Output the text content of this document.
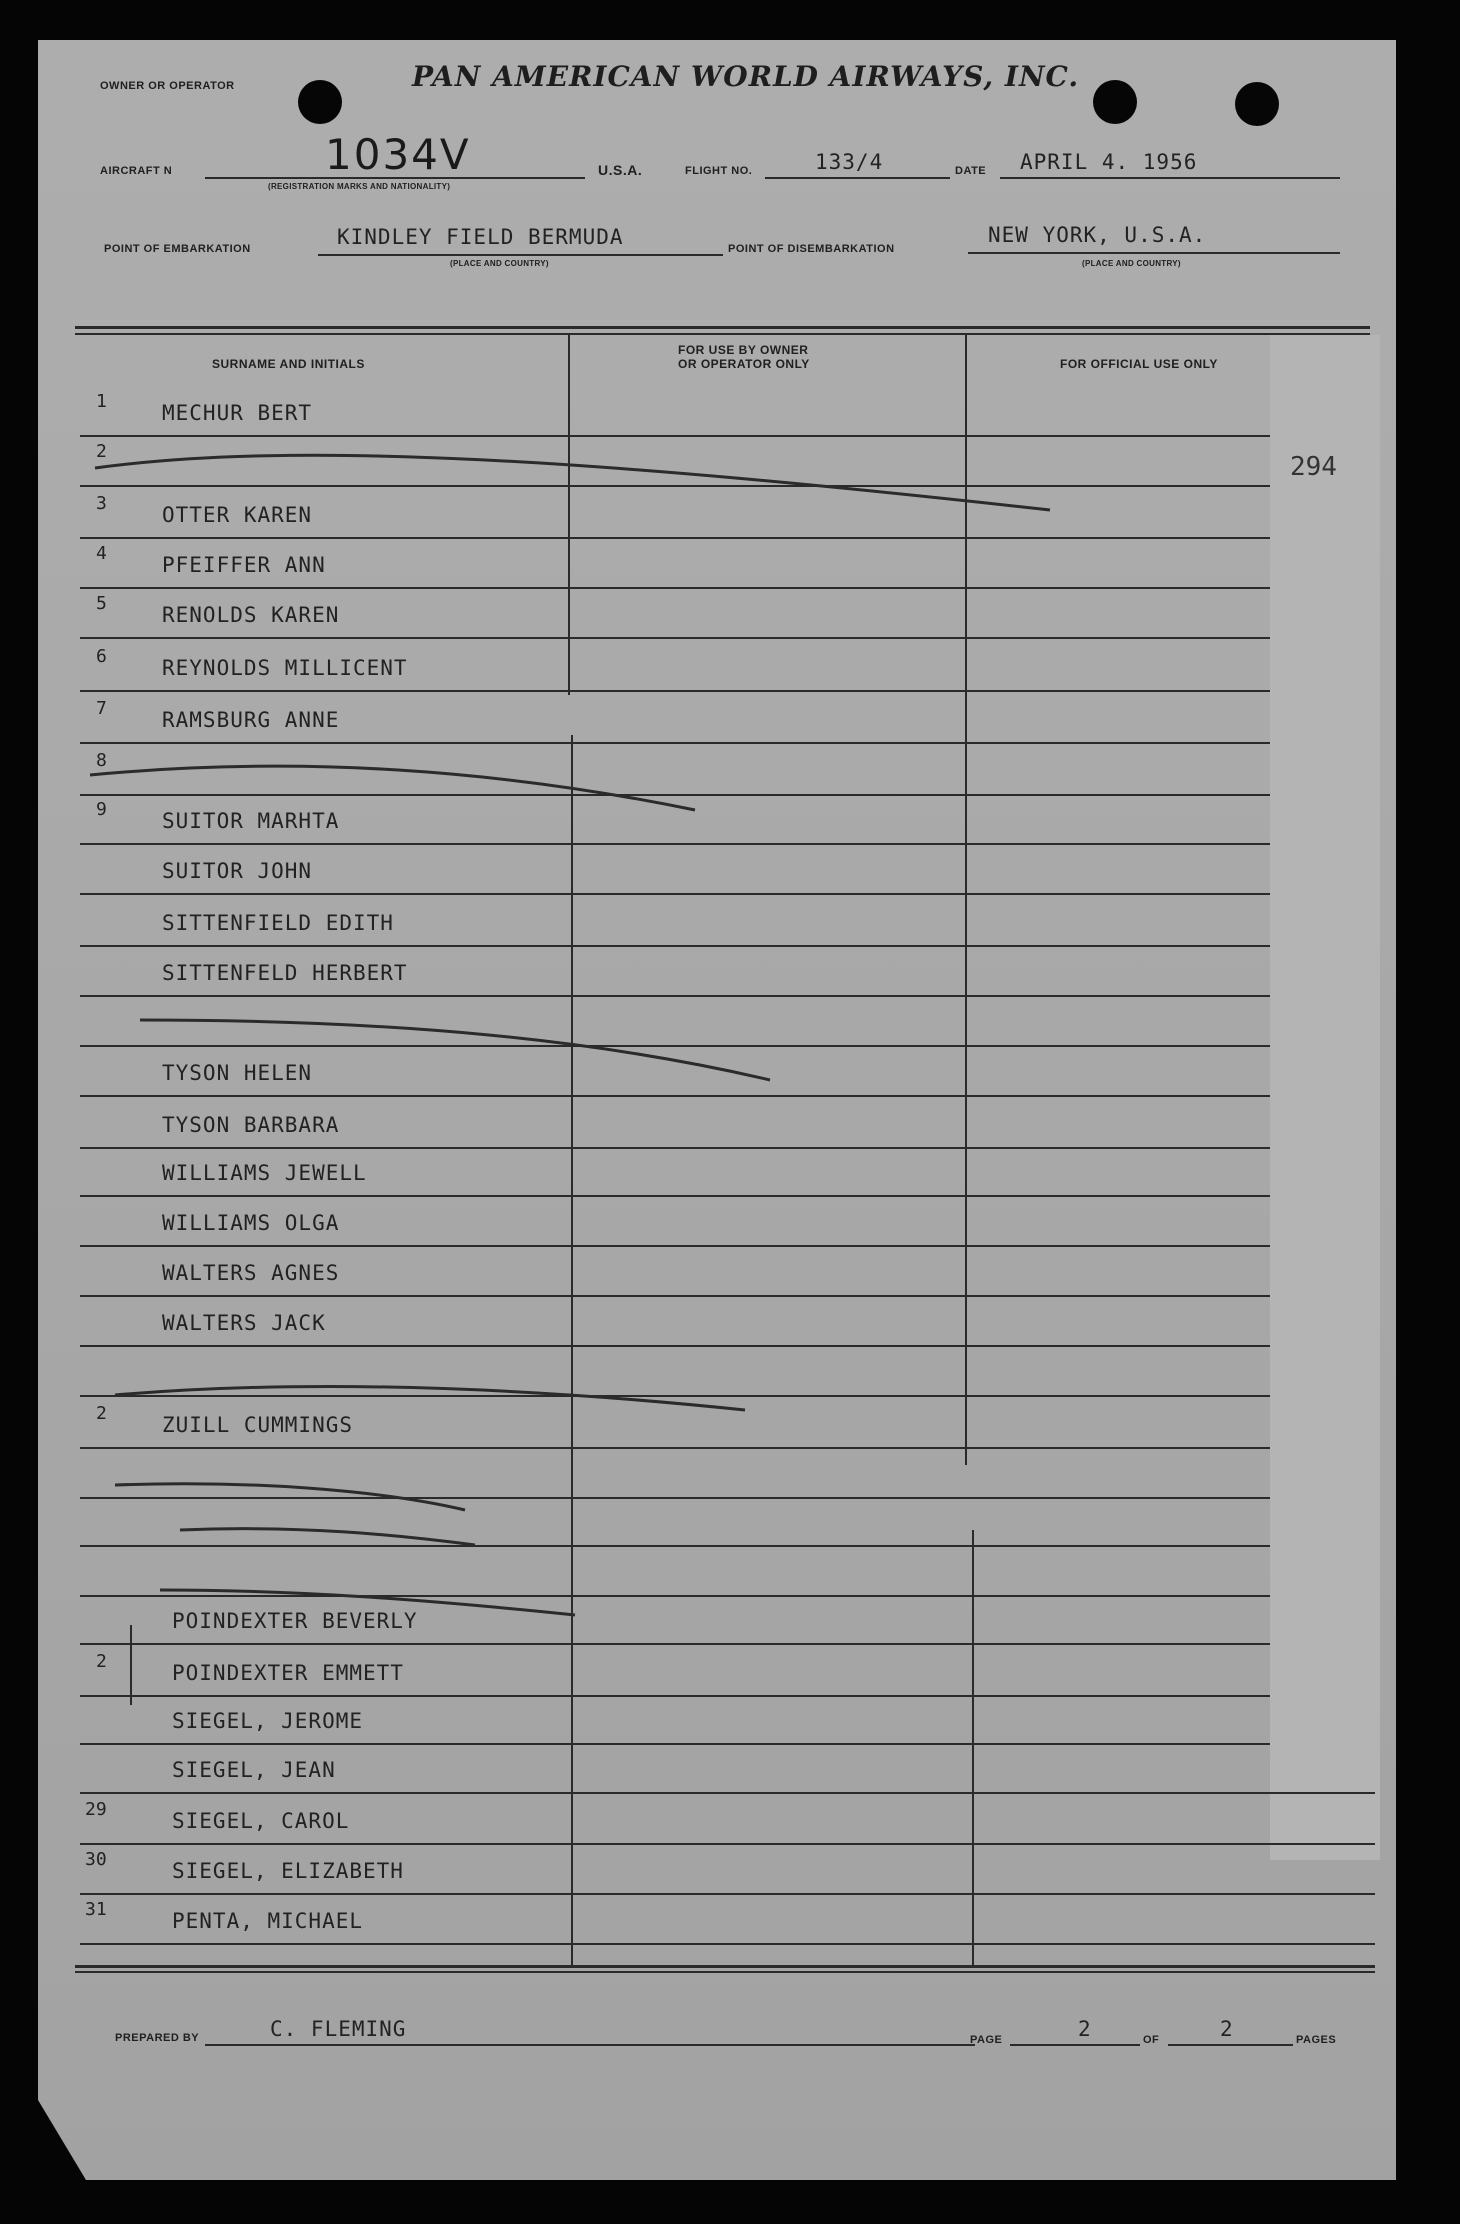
OWNER OR OPERATOR	PAN AMERICAN WORLD AIRWAYS, INC.
AIRCRAFT N	1034V
(REGISTRATION MARKS AND NATIONALITY)
U.S.A.	FLIGHT NO.	133/4	DATE APRIL 4. 1956
POINT OF EMBARKATION	KINDLEY FIELD BERMUDA
(PLACE AND COUNTRY)
POINT OF DISEMBARKATION
NEW YORK, U.S.A.
(PLACE AND COUNTRY)
SURNAME AND INITIALS
FOR USE BY OWNER
OR OPERATOR ONLY	FOR OFFICIAL USE ONLY
294
1	MECHUR BERT
2
3	OTTER KAREN
4	PFEIFFER ANN
5	RENOLDS KAREN
6	REYNOLDS MILLICENT
7	RAMSBURG ANNE
8
9	SUITOR MARHTA
SUITOR JOHN
SITTENFIELD EDITH
SITTENFELD HERBERT
TYSON HELEN
TYSON BARBARA
WILLIAMS JEWELL
WILLIAMS OLGA
WALTERS AGNES
WALTERS JACK
2	ZUILL CUMMINGS
POINDEXTER BEVERLY
2	POINDEXTER EMMETT
SIEGEL, JEROME
SIEGEL, JEAN
29	SIEGEL, CAROL
30	SIEGEL, ELIZABETH
31	PENTA, MICHAEL
PREPARED BY	C. FLEMING	PAGE	2	OF	2	PAGES
